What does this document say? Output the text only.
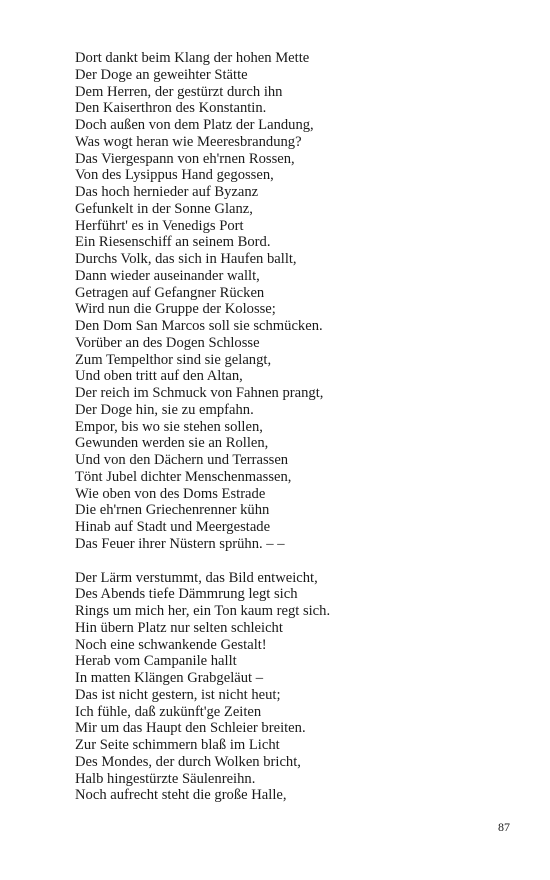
Dort dankt beim Klang der hohen Mette
Der Doge an geweihter Stätte
Dem Herren, der gestürzt durch ihn
Den Kaiserthron des Konstantin.
Doch außen von dem Platz der Landung,
Was wogt heran wie Meeresbrandung?
Das Viergespann von eh'rnen Rossen,
Von des Lysippus Hand gegossen,
Das hoch hernieder auf Byzanz
Gefunkelt in der Sonne Glanz,
Herführt' es in Venedigs Port
Ein Riesenschiff an seinem Bord.
Durchs Volk, das sich in Haufen ballt,
Dann wieder auseinander wallt,
Getragen auf Gefangner Rücken
Wird nun die Gruppe der Kolosse;
Den Dom San Marcos soll sie schmücken.
Vorüber an des Dogen Schlosse
Zum Tempelthor sind sie gelangt,
Und oben tritt auf den Altan,
Der reich im Schmuck von Fahnen prangt,
Der Doge hin, sie zu empfahn.
Empor, bis wo sie stehen sollen,
Gewunden werden sie an Rollen,
Und von den Dächern und Terrassen
Tönt Jubel dichter Menschenmassen,
Wie oben von des Doms Estrade
Die eh'rnen Griechenrenner kühn
Hinab auf Stadt und Meergestade
Das Feuer ihrer Nüstern sprühn. – –
Der Lärm verstummt, das Bild entweicht,
Des Abends tiefe Dämmrung legt sich
Rings um mich her, ein Ton kaum regt sich.
Hin übern Platz nur selten schleicht
Noch eine schwankende Gestalt!
Herab vom Campanile hallt
In matten Klängen Grabgeläut –
Das ist nicht gestern, ist nicht heut;
Ich fühle, daß zukünft'ge Zeiten
Mir um das Haupt den Schleier breiten.
Zur Seite schimmern blaß im Licht
Des Mondes, der durch Wolken bricht,
Halb hingestürzte Säulenreihn.
Noch aufrecht steht die große Halle,
87
